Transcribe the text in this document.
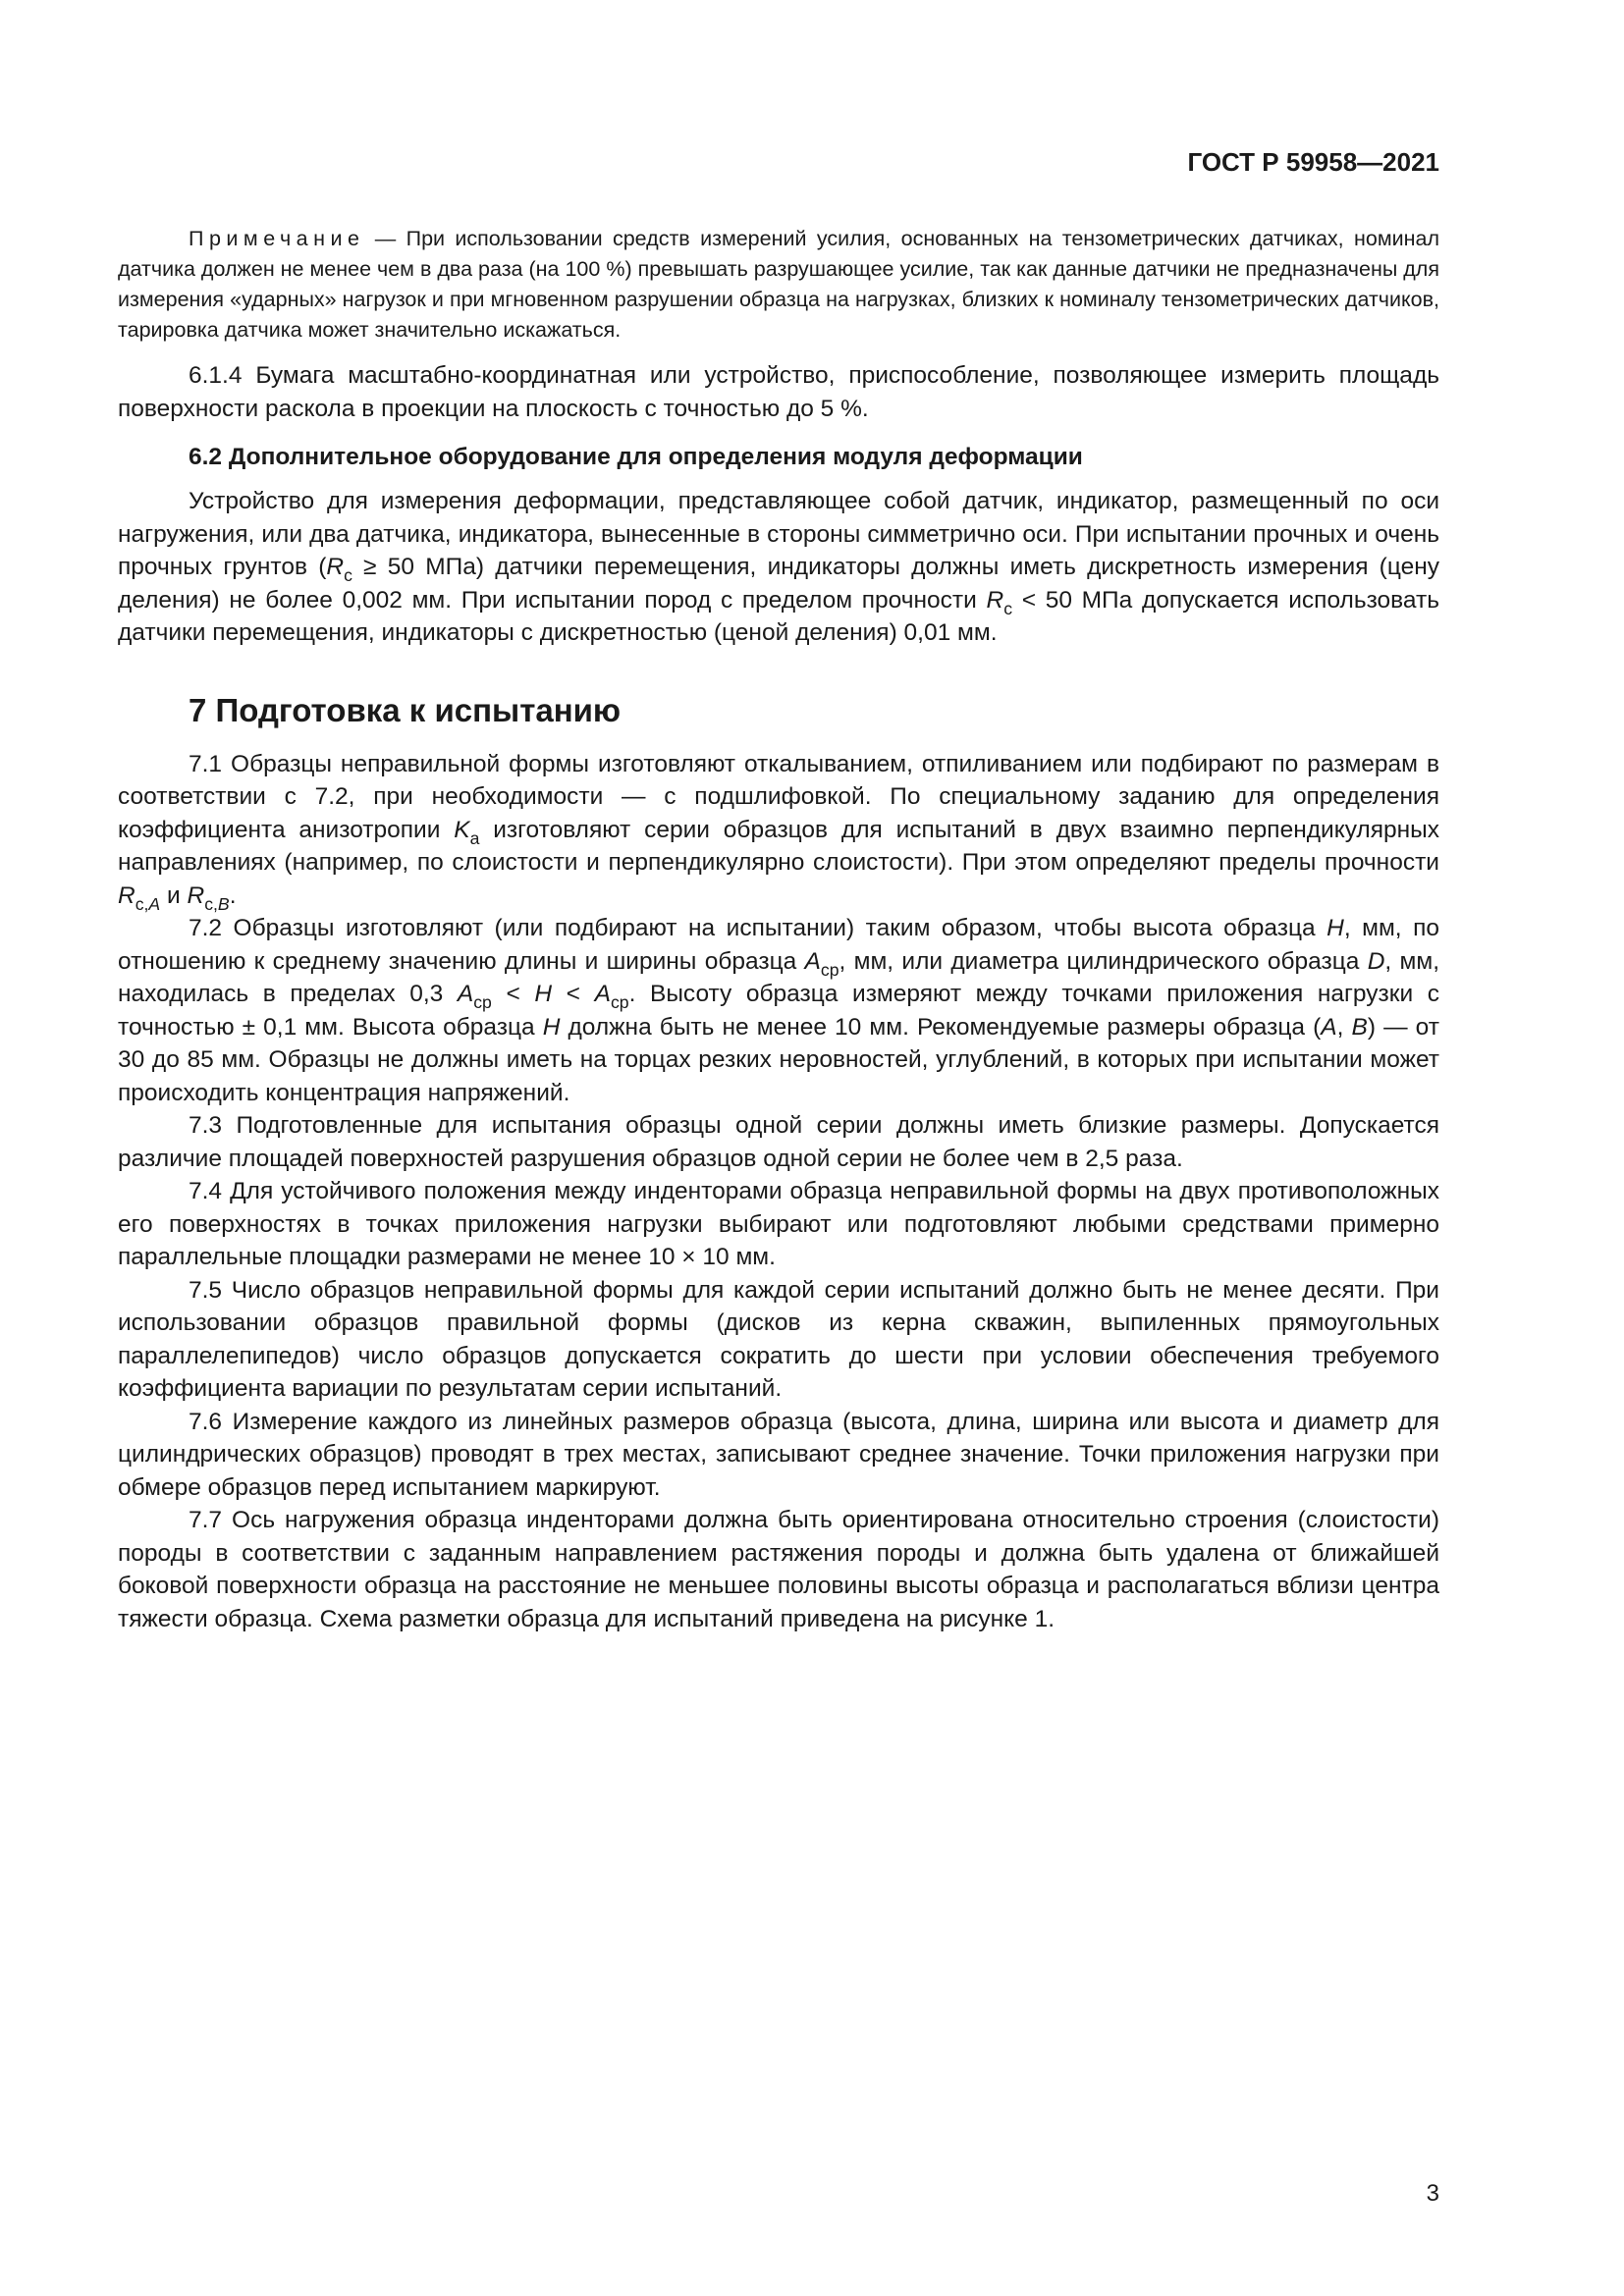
ГОСТ Р 59958—2021

Примечание — При использовании средств измерений усилия, основанных на тензометрических датчиках, номинал датчика должен не менее чем в два раза (на 100 %) превышать разрушающее усилие, так как данные датчики не предназначены для измерения «ударных» нагрузок и при мгновенном разрушении образца на нагрузках, близких к номиналу тензометрических датчиков, тарировка датчика может значительно искажаться.

6.1.4 Бумага масштабно-координатная или устройство, приспособление, позволяющее измерить площадь поверхности раскола в проекции на плоскость с точностью до 5 %.

6.2 Дополнительное оборудование для определения модуля деформации

Устройство для измерения деформации, представляющее собой датчик, индикатор, размещенный по оси нагружения, или два датчика, индикатора, вынесенные в стороны симметрично оси. При испытании прочных и очень прочных грунтов ($R_с \ge 50$ МПа) датчики перемещения, индикаторы должны иметь дискретность измерения (цену деления) не более 0,002 мм. При испытании пород с пределом прочности $R_с < 50$ МПа допускается использовать датчики перемещения, индикаторы с дискретностью (ценой деления) 0,01 мм.

7 Подготовка к испытанию

7.1 Образцы неправильной формы изготовляют откалыванием, отпиливанием или подбирают по размерам в соответствии с 7.2, при необходимости — с подшлифовкой. По специальному заданию для определения коэффициента анизотропии $K_а$ изготовляют серии образцов для испытаний в двух взаимно перпендикулярных направлениях (например, по слоистости и перпендикулярно слоистости). При этом определяют пределы прочности $R_{с,A}$ и $R_{с,B}$.

7.2 Образцы изготовляют (или подбирают на испытании) таким образом, чтобы высота образца H, мм, по отношению к среднему значению длины и ширины образца $A_{ср}$, мм, или диаметра цилиндрического образца D, мм, находилась в пределах 0,3 $A_{ср} < H < A_{ср}$. Высоту образца измеряют между точками приложения нагрузки с точностью ± 0,1 мм. Высота образца H должна быть не менее 10 мм. Рекомендуемые размеры образца (A, B) — от 30 до 85 мм. Образцы не должны иметь на торцах резких неровностей, углублений, в которых при испытании может происходить концентрация напряжений.

7.3 Подготовленные для испытания образцы одной серии должны иметь близкие размеры. Допускается различие площадей поверхностей разрушения образцов одной серии не более чем в 2,5 раза.

7.4 Для устойчивого положения между инденторами образца неправильной формы на двух противоположных его поверхностях в точках приложения нагрузки выбирают или подготовляют любыми средствами примерно параллельные площадки размерами не менее 10 × 10 мм.

7.5 Число образцов неправильной формы для каждой серии испытаний должно быть не менее десяти. При использовании образцов правильной формы (дисков из керна скважин, выпиленных прямоугольных параллелепипедов) число образцов допускается сократить до шести при условии обеспечения требуемого коэффициента вариации по результатам серии испытаний.

7.6 Измерение каждого из линейных размеров образца (высота, длина, ширина или высота и диаметр для цилиндрических образцов) проводят в трех местах, записывают среднее значение. Точки приложения нагрузки при обмере образцов перед испытанием маркируют.

7.7 Ось нагружения образца инденторами должна быть ориентирована относительно строения (слоистости) породы в соответствии с заданным направлением растяжения породы и должна быть удалена от ближайшей боковой поверхности образца на расстояние не меньшее половины высоты образца и располагаться вблизи центра тяжести образца. Схема разметки образца для испытаний приведена на рисунке 1.

3
